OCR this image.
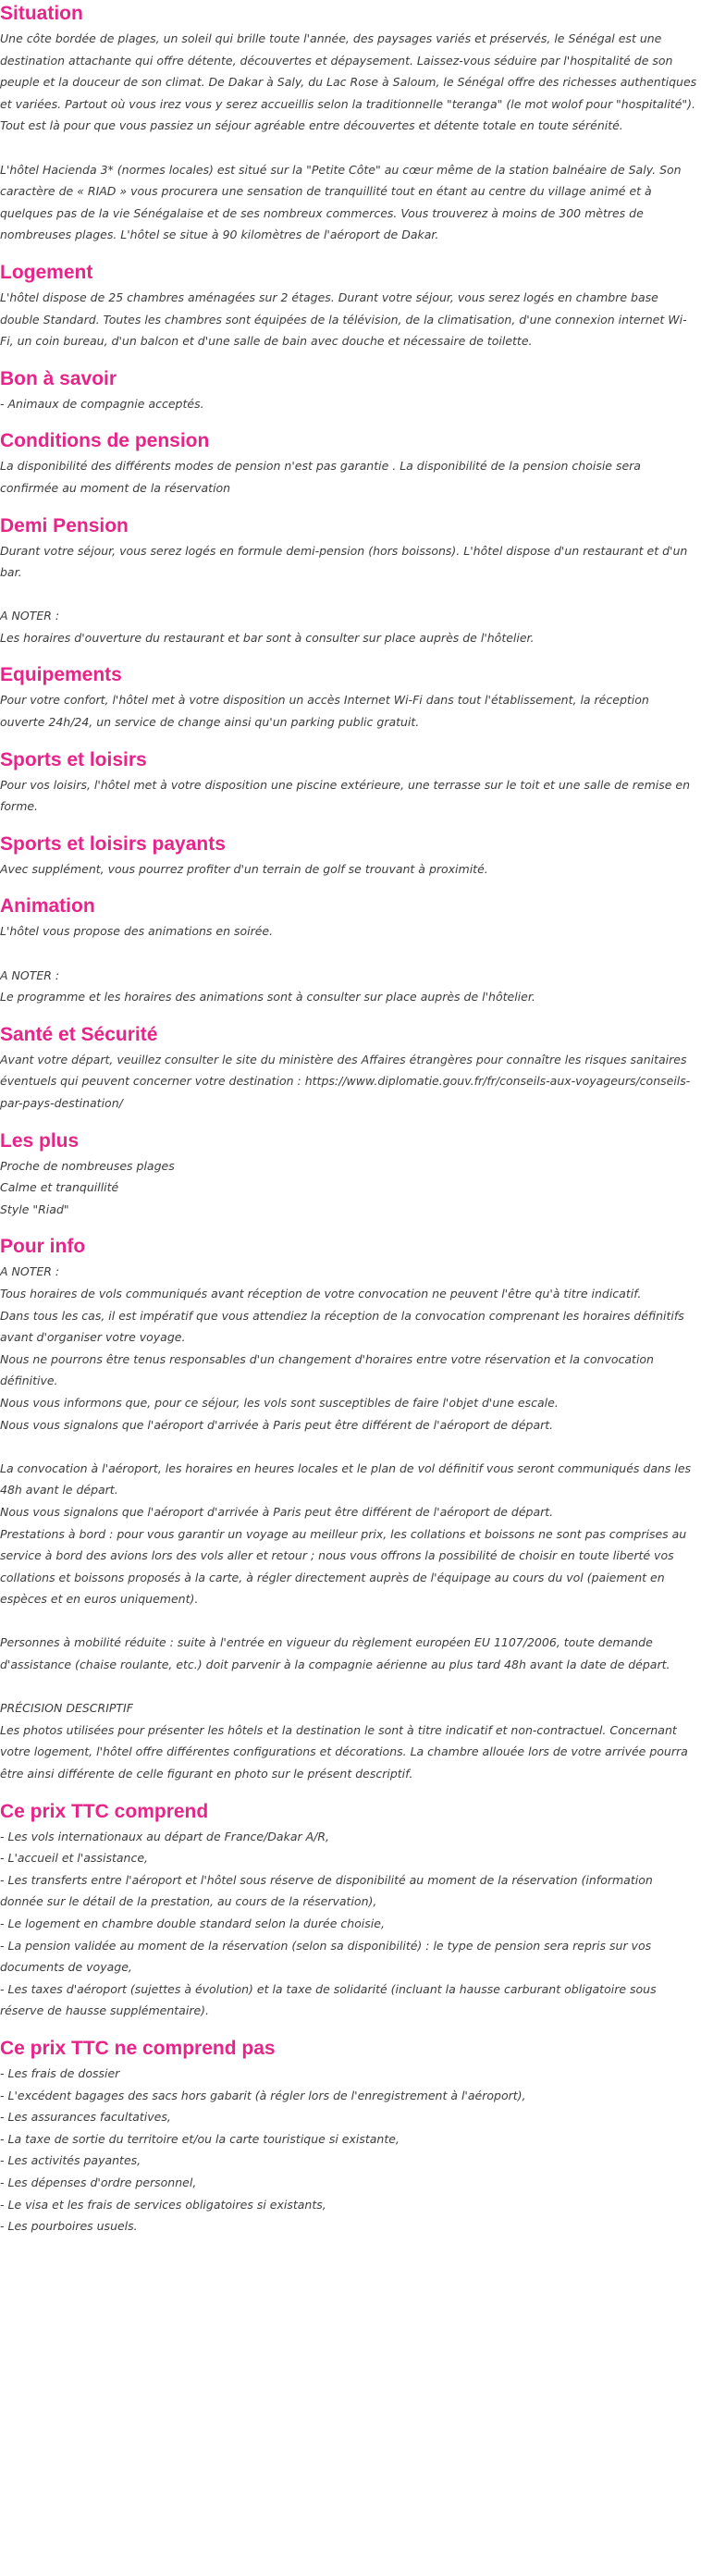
Situation
Une côte bordée de plages, un soleil qui brille toute l'année, des paysages variés et préservés, le Sénégal est une destination attachante qui offre détente, découvertes et dépaysement. Laissez-vous séduire par l'hospitalité de son peuple et la douceur de son climat. De Dakar à Saly, du Lac Rose à Saloum, le Sénégal offre des richesses authentiques et variées. Partout où vous irez vous y serez accueillis selon la traditionnelle "teranga" (le mot wolof pour "hospitalité"). Tout est là pour que vous passiez un séjour agréable entre découvertes et détente totale en toute sérénité.
L'hôtel Hacienda 3* (normes locales) est situé sur la "Petite Côte" au cœur même de la station balnéaire de Saly. Son caractère de « RIAD » vous procurera une sensation de tranquillité tout en étant au centre du village animé et à quelques pas de la vie Sénégalaise et de ses nombreux commerces. Vous trouverez à moins de 300 mètres de nombreuses plages. L'hôtel se situe à 90 kilomètres de l'aéroport de Dakar.
Logement
L'hôtel dispose de 25 chambres aménagées sur 2 étages. Durant votre séjour, vous serez logés en chambre base double Standard. Toutes les chambres sont équipées de la télévision, de la climatisation, d'une connexion internet Wi-Fi, un coin bureau, d'un balcon et d'une salle de bain avec douche et nécessaire de toilette.
Bon à savoir
- Animaux de compagnie acceptés.
Conditions de pension
La disponibilité des différents modes de pension n'est pas garantie . La disponibilité de la pension choisie sera confirmée au moment de la réservation
Demi Pension
Durant votre séjour, vous serez logés en formule demi-pension (hors boissons). L'hôtel dispose d'un restaurant et d'un bar.
A NOTER :
Les horaires d'ouverture du restaurant et bar sont à consulter sur place auprès de l'hôtelier.
Equipements
Pour votre confort, l'hôtel met à votre disposition un accès Internet Wi-Fi dans tout l'établissement, la réception ouverte 24h/24, un service de change ainsi qu'un parking public gratuit.
Sports et loisirs
Pour vos loisirs, l'hôtel met à votre disposition une piscine extérieure, une terrasse sur le toit et une salle de remise en forme.
Sports et loisirs payants
Avec supplément, vous pourrez profiter d'un terrain de golf se trouvant à proximité.
Animation
L'hôtel vous propose des animations en soirée.
A NOTER :
Le programme et les horaires des animations sont à consulter sur place auprès de l'hôtelier.
Santé et Sécurité
Avant votre départ, veuillez consulter le site du ministère des Affaires étrangères pour connaître les risques sanitaires éventuels qui peuvent concerner votre destination : https://www.diplomatie.gouv.fr/fr/conseils-aux-voyageurs/conseils-par-pays-destination/
Les plus
Proche de nombreuses plages
Calme et tranquillité
Style "Riad"
Pour info
A NOTER :
Tous horaires de vols communiqués avant réception de votre convocation ne peuvent l'être qu'à titre indicatif.
Dans tous les cas, il est impératif que vous attendiez la réception de la convocation comprenant les horaires définitifs avant d'organiser votre voyage.
Nous ne pourrons être tenus responsables d'un changement d'horaires entre votre réservation et la convocation définitive.
Nous vous informons que, pour ce séjour, les vols sont susceptibles de faire l'objet d'une escale.
Nous vous signalons que l'aéroport d'arrivée à Paris peut être différent de l'aéroport de départ.
La convocation à l'aéroport, les horaires en heures locales et le plan de vol définitif vous seront communiqués dans les 48h avant le départ.
Nous vous signalons que l'aéroport d'arrivée à Paris peut être différent de l'aéroport de départ.
Prestations à bord : pour vous garantir un voyage au meilleur prix, les collations et boissons ne sont pas comprises au service à bord des avions lors des vols aller et retour ; nous vous offrons la possibilité de choisir en toute liberté vos collations et boissons proposés à la carte, à régler directement auprès de l'équipage au cours du vol (paiement en espèces et en euros uniquement).
Personnes à mobilité réduite : suite à l'entrée en vigueur du règlement européen EU 1107/2006, toute demande d'assistance (chaise roulante, etc.) doit parvenir à la compagnie aérienne au plus tard 48h avant la date de départ.
PRÉCISION DESCRIPTIF
Les photos utilisées pour présenter les hôtels et la destination le sont à titre indicatif et non-contractuel. Concernant votre logement, l'hôtel offre différentes configurations et décorations. La chambre allouée lors de votre arrivée pourra être ainsi différente de celle figurant en photo sur le présent descriptif.
Ce prix TTC comprend
- Les vols internationaux au départ de France/Dakar A/R,
- L'accueil et l'assistance,
- Les transferts entre l'aéroport et l'hôtel sous réserve de disponibilité au moment de la réservation (information donnée sur le détail de la prestation, au cours de la réservation),
- Le logement en chambre double standard selon la durée choisie,
- La pension validée au moment de la réservation (selon sa disponibilité) : le type de pension sera repris sur vos documents de voyage,
- Les taxes d'aéroport (sujettes à évolution) et la taxe de solidarité (incluant la hausse carburant obligatoire sous réserve de hausse supplémentaire).
Ce prix TTC ne comprend pas
- Les frais de dossier
- L'excédent bagages des sacs hors gabarit (à régler lors de l'enregistrement à l'aéroport),
- Les assurances facultatives,
- La taxe de sortie du territoire et/ou la carte touristique si existante,
- Les activités payantes,
- Les dépenses d'ordre personnel,
- Le visa et les frais de services obligatoires si existants,
- Les pourboires usuels.
